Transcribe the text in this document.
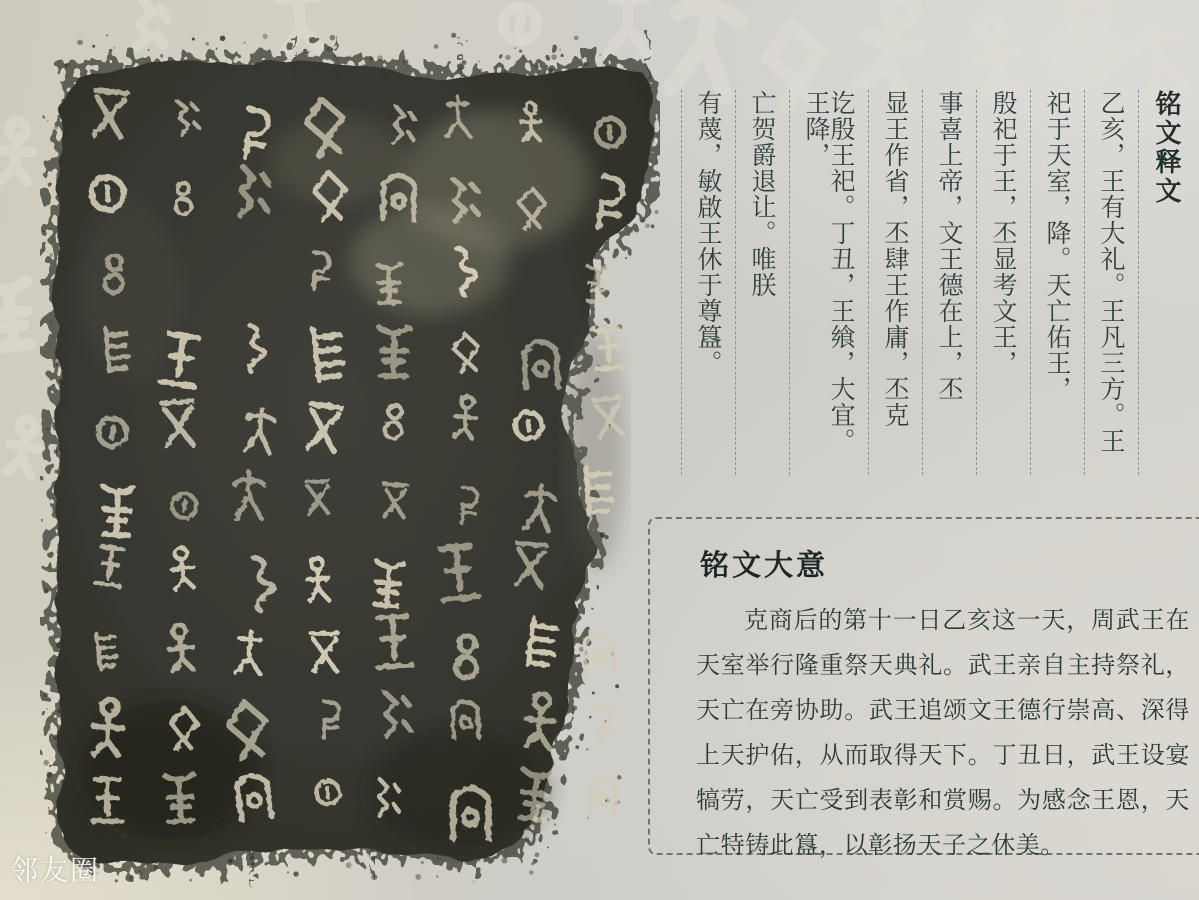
铭文释文
乙亥，王有大礼。王凡三方。王
祀于天室，降。天亡佑王，
殷祀于王，丕显考文王，
事喜上帝，文王德在上，丕
显王作省，丕肆王作庸，丕克
讫殷王祀。丁丑，王飨，大宜。王降，
亡贺爵退让。唯朕
有蔑，敏啟王休于尊簋。
铭文大意

克商后的第十一日乙亥这一天，周武王在天室举行隆重祭天典礼。武王亲自主持祭礼，天亡在旁协助。武王追颂文王德行崇高、深得上天护佑，从而取得天下。丁丑日，武王设宴犒劳，天亡受到表彰和赏赐。为感念王恩，天亡特铸此簋，以彰扬天子之休美。

邻友圈
